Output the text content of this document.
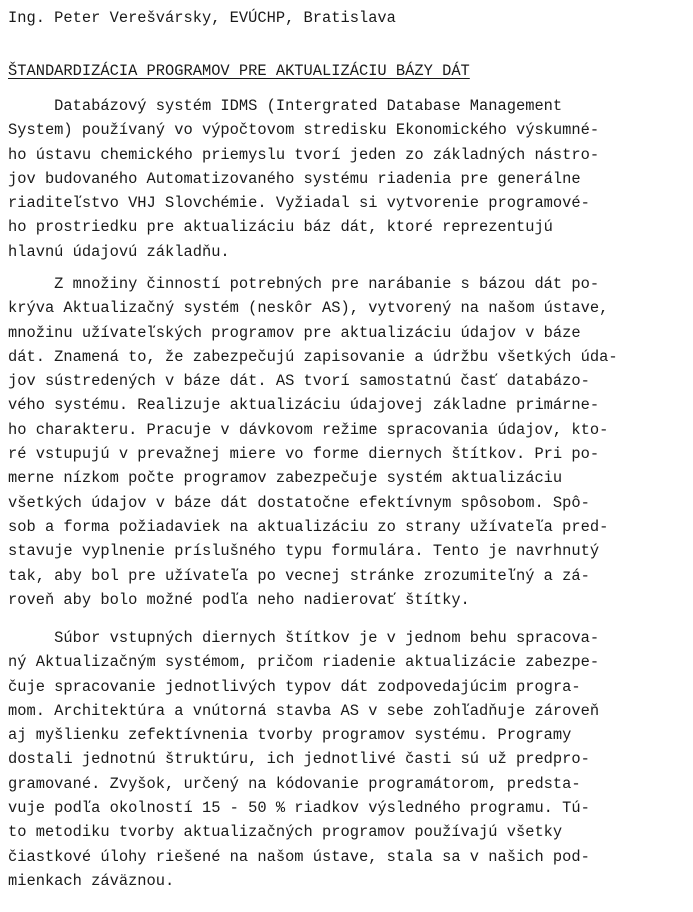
Ing. Peter Verešvársky, EVÚCHP, Bratislava
ŠTANDARDIZÁCIA PROGRAMOV PRE AKTUALIZÁCIU BÁZY DÁT
Databázový systém IDMS (Intergrated Database Management
System) používaný vo výpočtovom stredisku Ekonomického výskumné-
ho ústavu chemického priemyslu tvorí jeden zo základných nástro-
jov budovaného Automatizovaného systému riadenia pre generálne
riaditeľstvo VHJ Slovchémie. Vyžiadal si vytvorenie programové-
ho prostriedku pre aktualizáciu báz dát, ktoré reprezentujú
hlavnú údajovú základňu.
Z množiny činností potrebných pre narábanie s bázou dát po-
krýva Aktualizačný systém (neskôr AS), vytvorený na našom ústave,
množinu užívateľských programov pre aktualizáciu údajov v báze
dát. Znamená to, že zabezpečujú zapisovanie a údržbu všetkých úda-
jov sústredených v báze dát. AS tvorí samostatnú časť databázo-
vého systému. Realizuje aktualizáciu údajovej základne primárne-
ho charakteru. Pracuje v dávkovom režime spracovania údajov, kto-
ré vstupujú v prevažnej miere vo forme diernych štítkov. Pri po-
merne nízkom počte programov zabezpečuje systém aktualizáciu
všetkých údajov v báze dát dostatočne efektívnym spôsobom. Spô-
sob a forma požiadaviek na aktualizáciu zo strany užívateľa pred-
stavuje vyplnenie príslušného typu formulára. Tento je navrhnutý
tak, aby bol pre užívateľa po vecnej stránke zrozumiteľný a zá-
roveň aby bolo možné podľa neho nadierovať štítky.
Súbor vstupných diernych štítkov je v jednom behu spracova-
ný Aktualizačným systémom, pričom riadenie aktualizácie zabezpe-
čuje spracovanie jednotlivých typov dát zodpovedajúcim progra-
mom. Architektúra a vnútorná stavba AS v sebe zohľadňuje zároveň
aj myšlienku zefektívnenia tvorby programov systému. Programy
dostali jednotnú štruktúru, ich jednotlivé časti sú už predpro-
gramované. Zvyšok, určený na kódovanie programátorom, predsta-
vuje podľa okolností 15 - 50 % riadkov výsledného programu. Tú-
to metodiku tvorby aktualizačných programov používajú všetky
čiastkové úlohy riešené na našom ústave, stala sa v našich pod-
mienkach záväznou.
